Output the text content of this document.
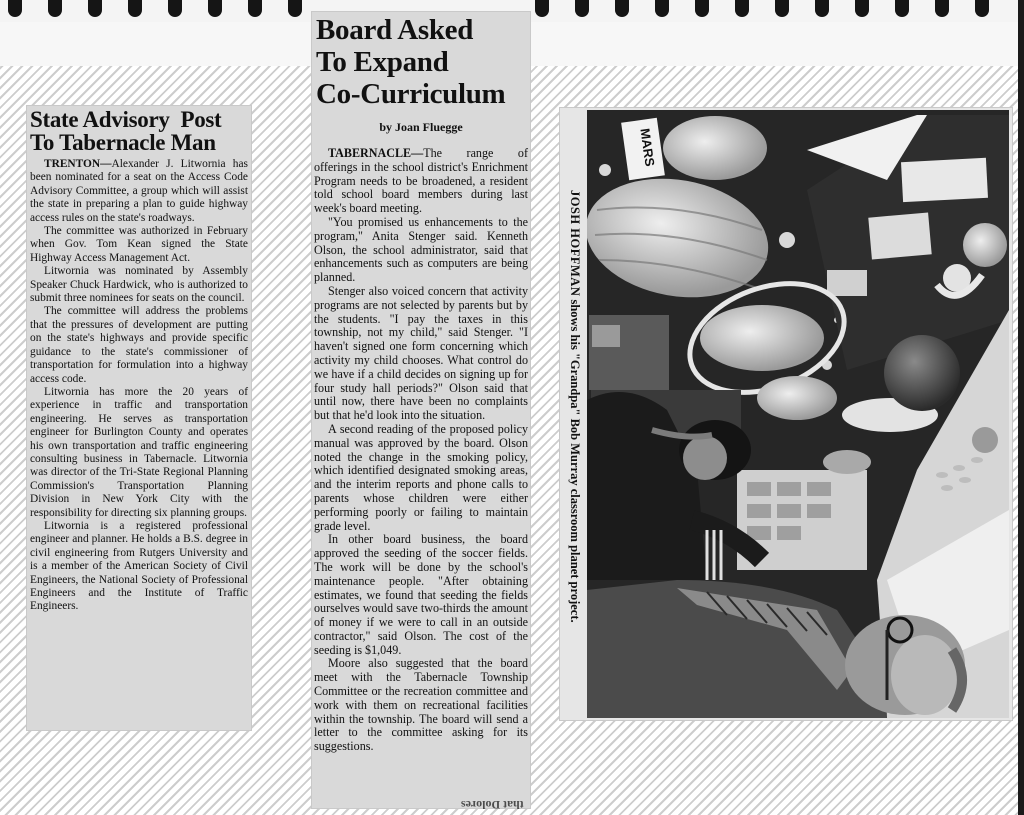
State Advisory  Post
To Tabernacle Man

TRENTON—Alexander J. Litwornia has been nominated for a seat on the Access Code Advisory Committee, a group which will assist the state in preparing a plan to guide highway access rules on the state's roadways.

The committee was authorized in February when Gov. Tom Kean signed the State Highway Access Management Act.

Litwornia was nominated by Assembly Speaker Chuck Hardwick, who is authorized to submit three nominees for seats on the council.

The committee will address the problems that the pressures of development are putting on the state's highways and provide specific guidance to the state's commissioner of transportation for formulation into a highway access code.

Litwornia has more the 20 years of experience in traffic and transportation engineering. He serves as transportation engineer for Burlington County and operates his own transportation and traffic engineering consulting business in Tabernacle. Litwornia was director of the Tri-State Regional Planning Commission's Transportation Planning Division in New York City with the responsibility for directing six planning groups.

Litwornia is a registered professional engineer and planner. He holds a B.S. degree in civil engineering from Rutgers University and is a member of the American Society of Civil Engineers, the National Society of Professional Engineers and the Institute of Traffic Engineers.

Board Asked
To Expand
Co-Curriculum
by Joan Fluegge

TABERNACLE—The range of offerings in the school district's Enrichment Program needs to be broadened, a resident told school board members during last week's board meeting.

"You promised us enhancements to the program," Anita Stenger said. Kenneth Olson, the school administrator, said that enhancements such as computers are being planned.

Stenger also voiced concern that activity programs are not selected by parents but by the students. "I pay the taxes in this township, not my child," said Stenger. "I haven't signed one form concerning which activity my child chooses. What control do we have if a child decides on signing up for four study hall periods?" Olson said that until now, there have been no complaints but that he'd look into the situation.

A second reading of the proposed policy manual was approved by the board. Olson noted the change in the smoking policy, which identified designated smoking areas, and the interim reports and phone calls to parents whose children were either performing poorly or failing to maintain grade level.

In other board business, the board approved the seeding of the soccer fields. The work will be done by the school's maintenance people. "After obtaining estimates, we found that seeding the fields ourselves would save two-thirds the amount of money if we were to call in an outside contractor," said Olson. The cost of the seeding is $1,049.

Moore also suggested that the board meet with the Tabernacle Township Committee or the recreation committee and work with them on recreational facilities within the township. The board will send a letter to the committee asking for its suggestions.

that Dolores
JOSH HOFFMAN shows his "Grandpa" Bob Murray classroom planet project.
MARS
